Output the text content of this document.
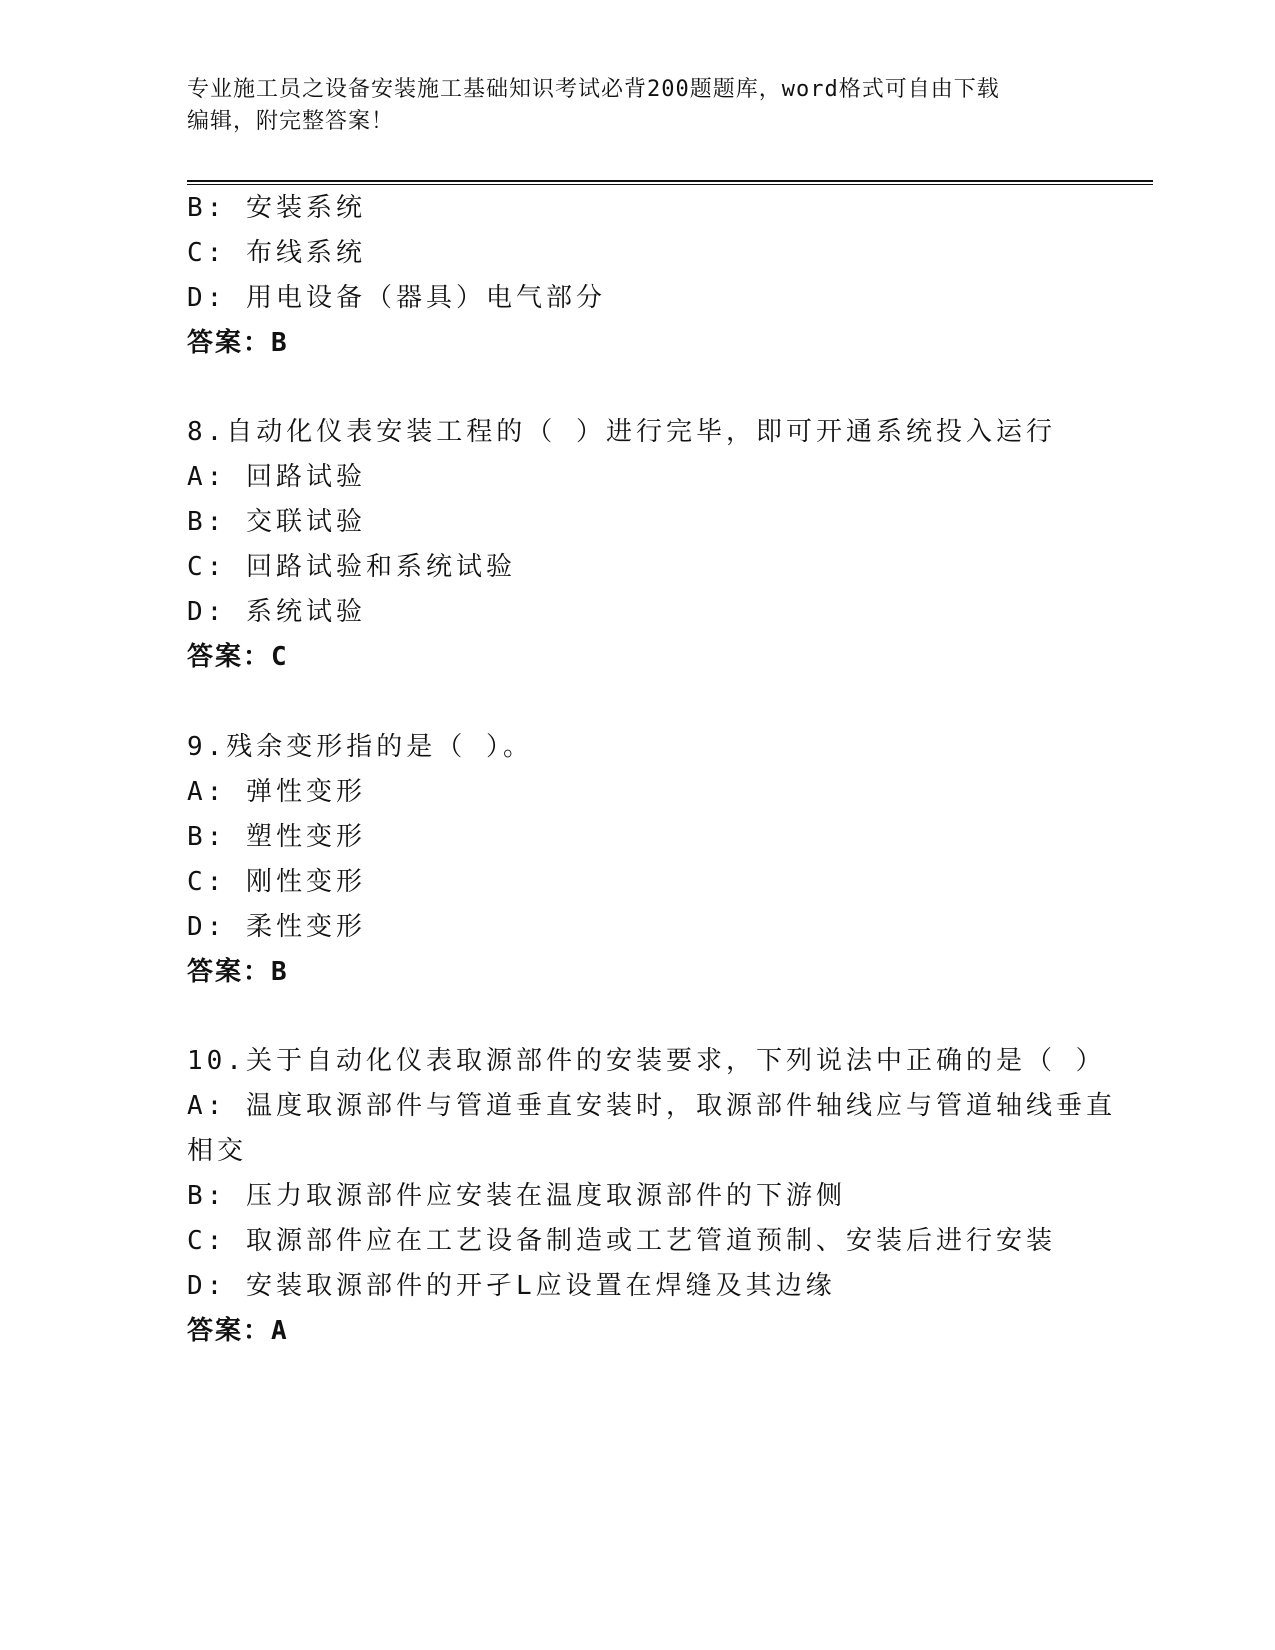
专业施工员之设备安装施工基础知识考试必背200题题库，word格式可自由下载
编辑，附完整答案！
B: 安装系统
C: 布线系统
D: 用电设备（器具）电气部分
答案：B
8.自动化仪表安装工程的（ ）进行完毕，即可开通系统投入运行
A: 回路试验
B: 交联试验
C: 回路试验和系统试验
D: 系统试验
答案：C
9.残余变形指的是（ ）。
A: 弹性变形
B: 塑性变形
C: 刚性变形
D: 柔性变形
答案：B
10.关于自动化仪表取源部件的安装要求，下列说法中正确的是（ ）
A: 温度取源部件与管道垂直安装时，取源部件轴线应与管道轴线垂直
相交
B: 压力取源部件应安装在温度取源部件的下游侧
C: 取源部件应在工艺设备制造或工艺管道预制、安装后进行安装
D: 安装取源部件的开孑L应设置在焊缝及其边缘
答案：A
